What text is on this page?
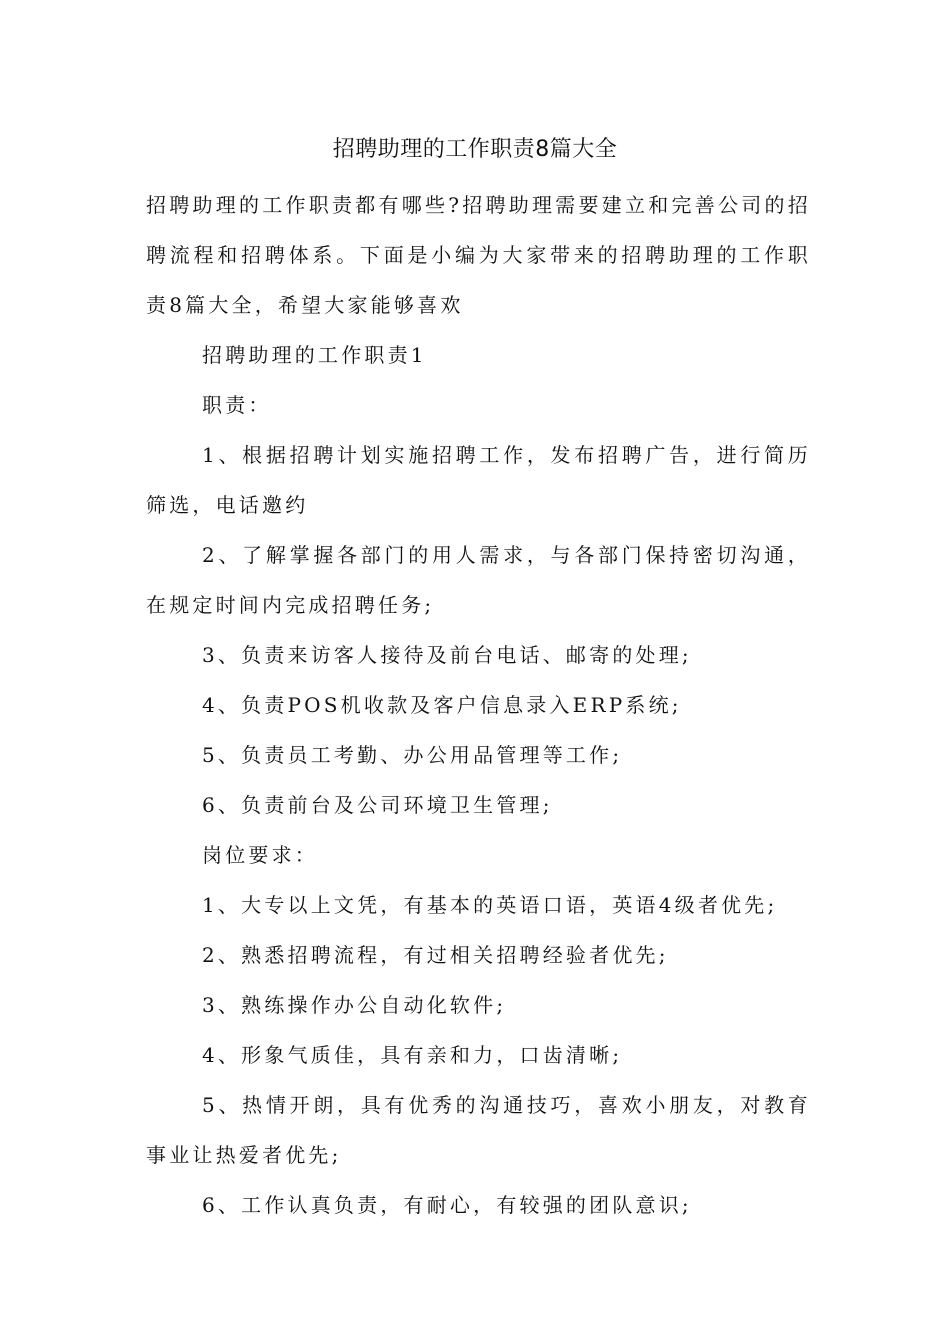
招聘助理的工作职责8篇大全

招聘助理的工作职责都有哪些?招聘助理需要建立和完善公司的招聘流程和招聘体系。下面是小编为大家带来的招聘助理的工作职责8篇大全，希望大家能够喜欢

招聘助理的工作职责1

职责：

1、根据招聘计划实施招聘工作，发布招聘广告，进行简历筛选，电话邀约

2、了解掌握各部门的用人需求，与各部门保持密切沟通，在规定时间内完成招聘任务;

3、负责来访客人接待及前台电话、邮寄的处理;

4、负责POS机收款及客户信息录入ERP系统;

5、负责员工考勤、办公用品管理等工作;

6、负责前台及公司环境卫生管理;

岗位要求：

1、大专以上文凭，有基本的英语口语，英语4级者优先;

2、熟悉招聘流程，有过相关招聘经验者优先;

3、熟练操作办公自动化软件;

4、形象气质佳，具有亲和力，口齿清晰;

5、热情开朗，具有优秀的沟通技巧，喜欢小朋友，对教育事业让热爱者优先;

6、工作认真负责，有耐心，有较强的团队意识;
